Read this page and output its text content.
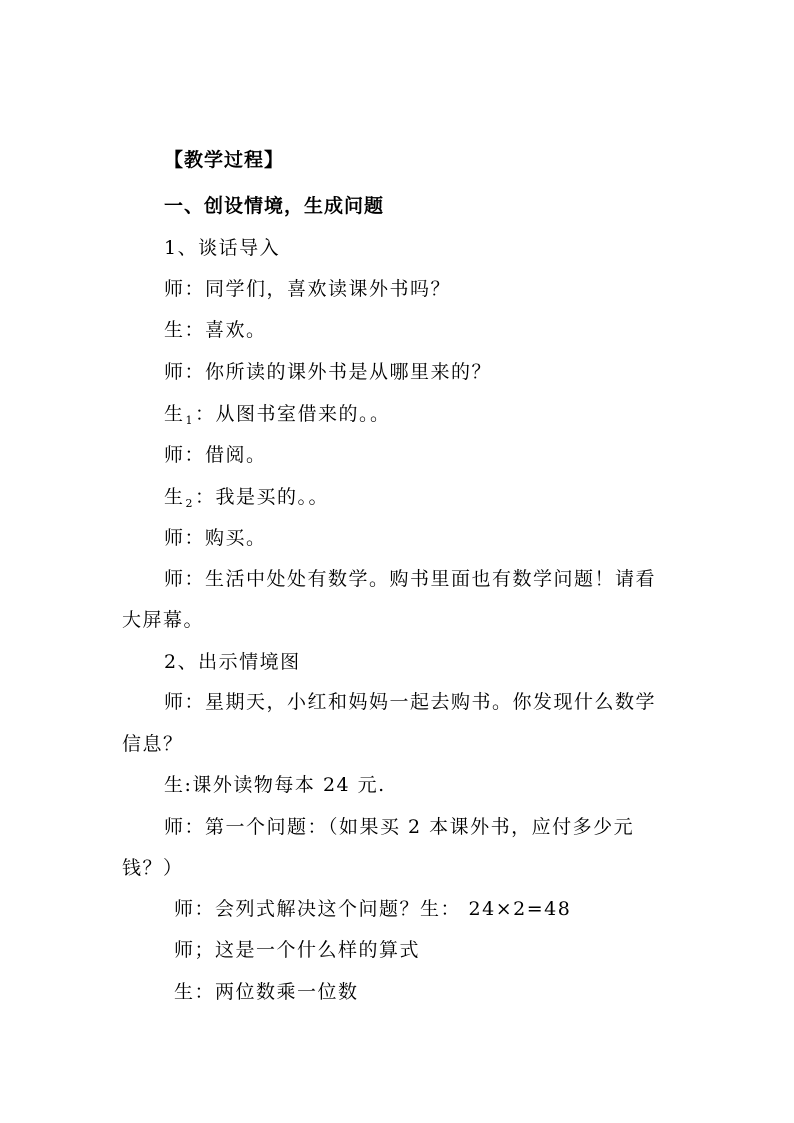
【教学过程】
一、创设情境，生成问题
1、谈话导入
师：同学们，喜欢读课外书吗？
生：喜欢。
师：你所读的课外书是从哪里来的？
生$_1$：从图书室借来的。。
师：借阅。
生$_2$：我是买的。。
师：购买。
师：生活中处处有数学。购书里面也有数学问题！请看
大屏幕。
2、出示情境图
师：星期天，小红和妈妈一起去购书。你发现什么数学
信息？
生:课外读物每本 24 元.
师：第一个问题：（如果买 2 本课外书，应付多少元
钱？）
师：会列式解决这个问题？生： 24×2=48
师；这是一个什么样的算式
生：两位数乘一位数
